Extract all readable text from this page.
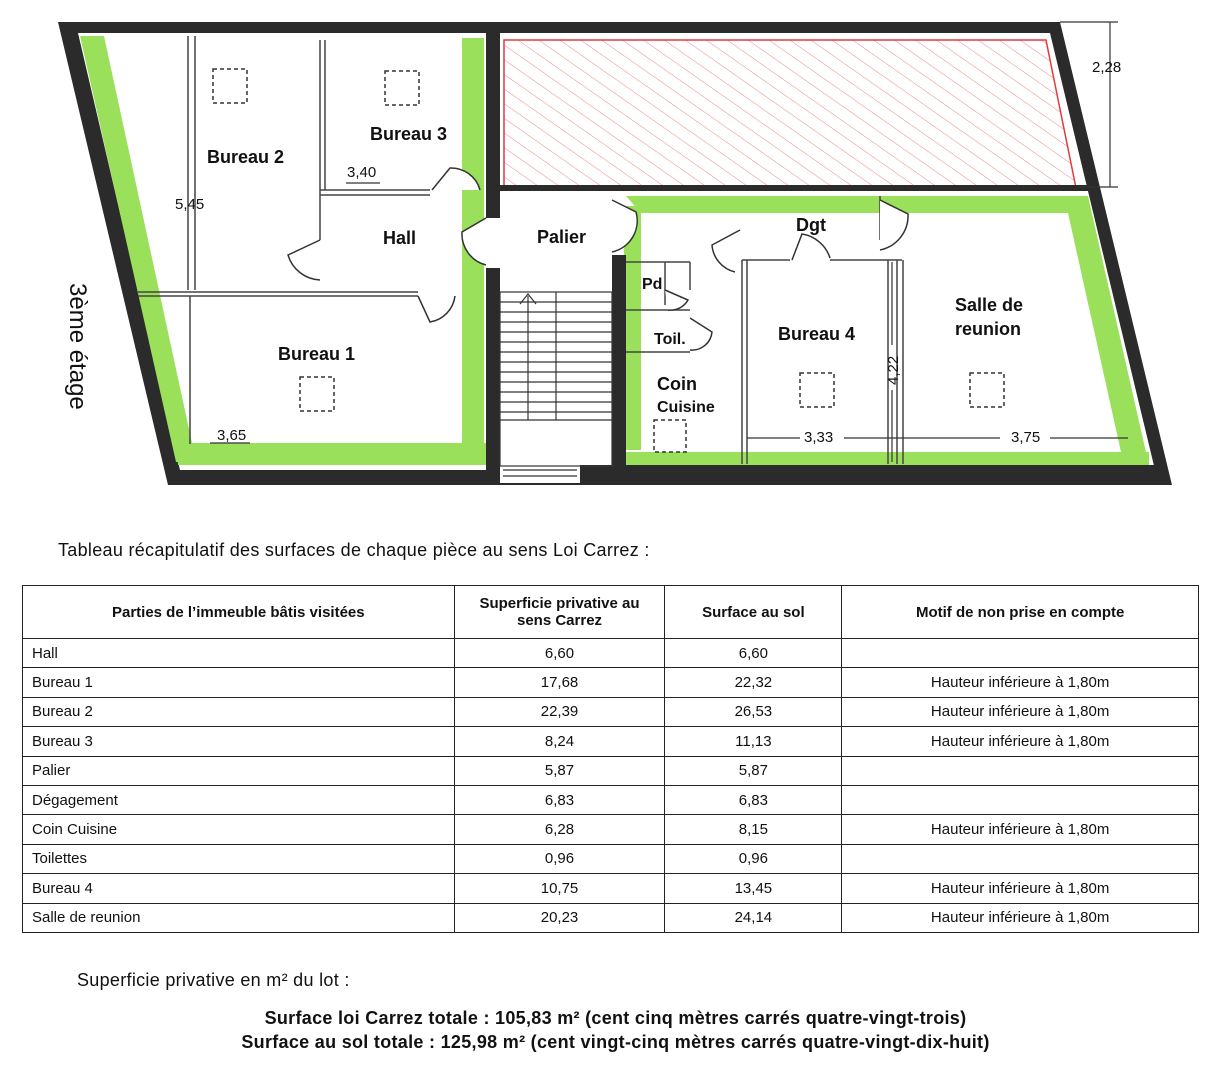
Bureau 2
Bureau 3
Hall
Bureau 1
Palier
Dgt
Pd
Toil.
Coin
Cuisine
Bureau 4
Salle de
reunion
5,45
3,40
3,65
2,28
3,33	3,75
4,22
3ème étage
Tableau récapitulatif des surfaces de chaque pièce au sens Loi Carrez :
Parties de l’immeuble bâtis visitées	Superficie privative au sens Carrez	Surface au sol	Motif de non prise en compte
Hall	6,60	6,60	
Bureau 1	17,68	22,32	Hauteur inférieure à 1,80m
Bureau 2	22,39	26,53	Hauteur inférieure à 1,80m
Bureau 3	8,24	11,13	Hauteur inférieure à 1,80m
Palier	5,87	5,87	
Dégagement	6,83	6,83	
Coin Cuisine	6,28	8,15	Hauteur inférieure à 1,80m
Toilettes	0,96	0,96	
Bureau 4	10,75	13,45	Hauteur inférieure à 1,80m
Salle de reunion	20,23	24,14	Hauteur inférieure à 1,80m
Superficie privative en m² du lot :
Surface loi Carrez totale : 105,83 m² (cent cinq mètres carrés quatre-vingt-trois)
Surface au sol totale : 125,98 m² (cent vingt-cinq mètres carrés quatre-vingt-dix-huit)
